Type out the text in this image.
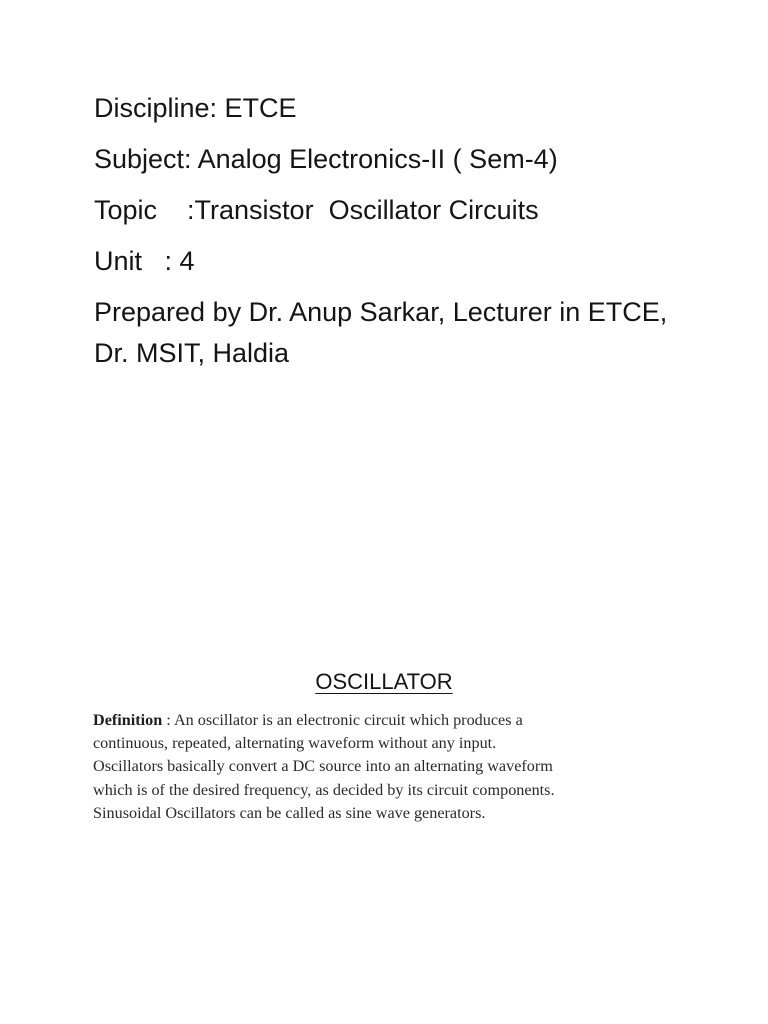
Discipline: ETCE
Subject: Analog Electronics-II ( Sem-4)
Topic    :Transistor  Oscillator Circuits
Unit   : 4
Prepared by Dr. Anup Sarkar, Lecturer in ETCE, Dr. MSIT, Haldia
OSCILLATOR
Definition : An oscillator is an electronic circuit which produces a
continuous, repeated, alternating waveform without any input.
Oscillators basically convert a DC source into an alternating waveform
which is of the desired frequency, as decided by its circuit components.
Sinusoidal Oscillators can be called as sine wave generators.
